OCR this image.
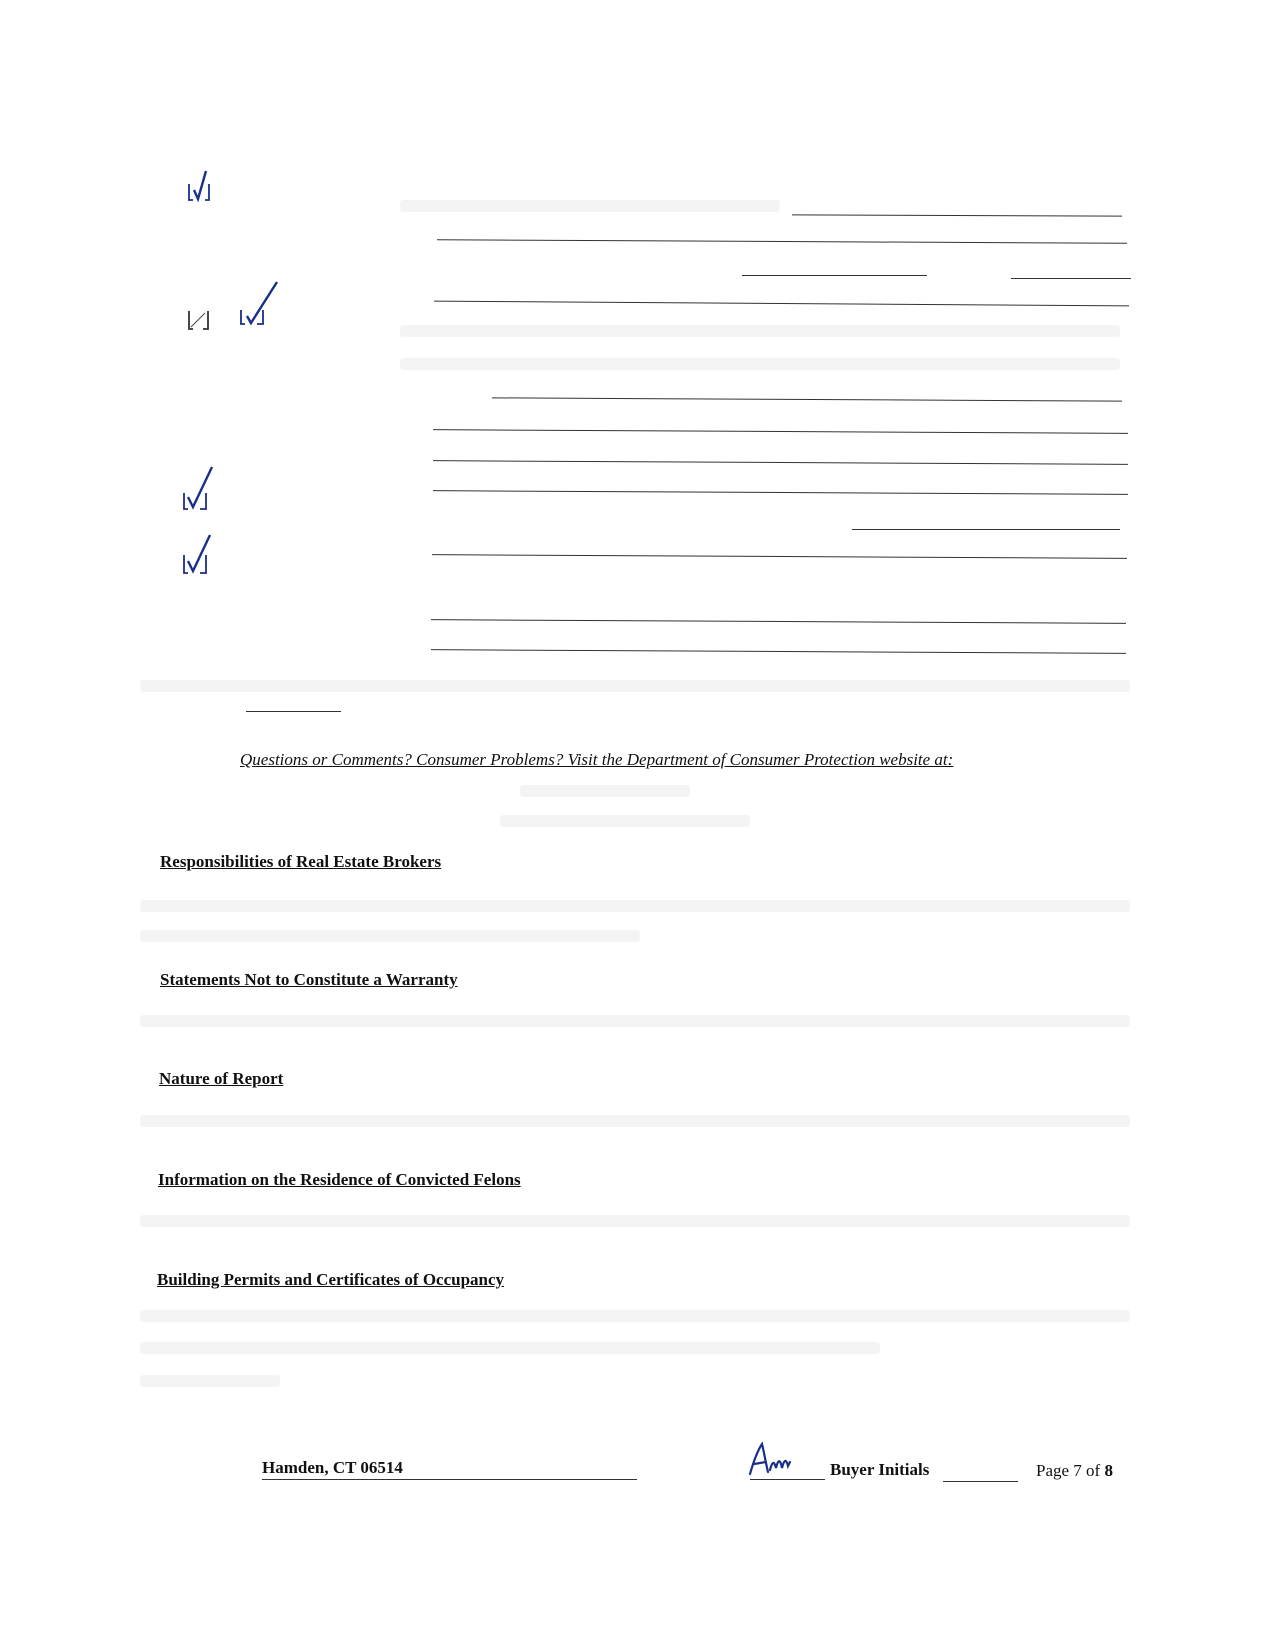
Questions or Comments? Consumer Problems? Visit the Department of Consumer Protection website at:
Responsibilities of Real Estate Brokers
Statements Not to Constitute a Warranty
Nature of Report
Information on the Residence of Convicted Felons
Building Permits and Certificates of Occupancy
Hamden, CT 06514	Buyer Initials	Page 7 of 8
